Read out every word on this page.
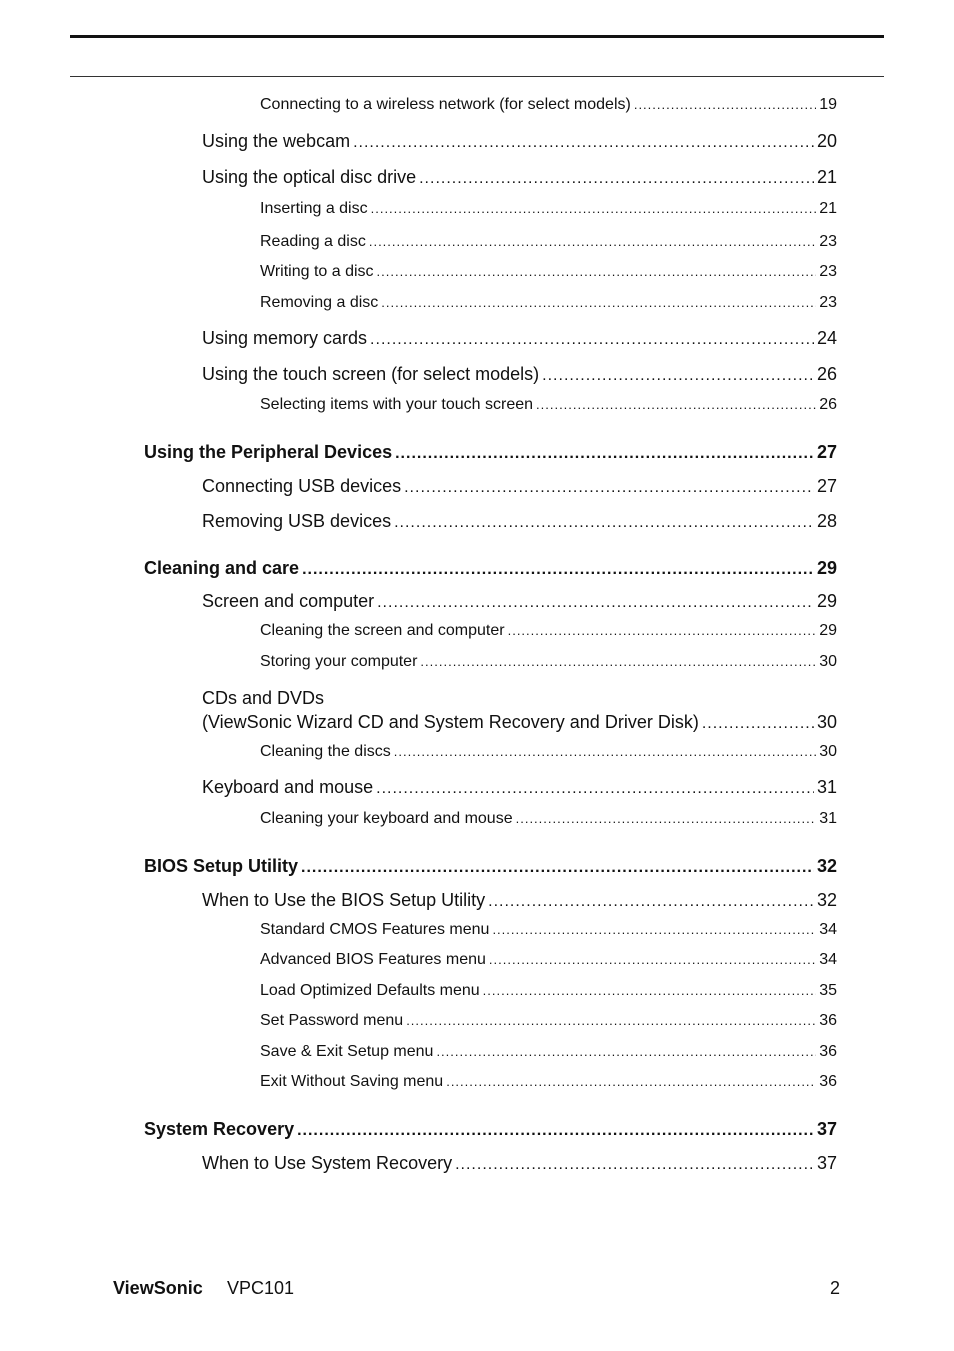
Connecting to a wireless network (for select models) .....	19
Using the webcam .....	20
Using the optical disc drive .....	21
Inserting a disc .....	21
Reading a disc .....	23
Writing to a disc .....	23
Removing a disc .....	23
Using memory cards .....	24
Using the touch screen (for select models) .....	26
Selecting items with your touch screen .....	26
Using the Peripheral Devices .....	27
Connecting USB devices .....	27
Removing USB devices .....	28
Cleaning and care .....	29
Screen and computer .....	29
Cleaning the screen and computer .....	29
Storing your computer .....	30
CDs and DVDs
(ViewSonic Wizard CD and System Recovery and Driver Disk) .....	30
Cleaning the discs .....	30
Keyboard and mouse .....	31
Cleaning your keyboard and mouse .....	31
BIOS Setup Utility .....	32
When to Use the BIOS Setup Utility .....	32
Standard CMOS Features menu .....	34
Advanced BIOS Features menu .....	34
Load Optimized Defaults menu .....	35
Set Password menu .....	36
Save & Exit Setup menu .....	36
Exit Without Saving menu .....	36
System Recovery .....	37
When to Use System Recovery .....	37
ViewSonic VPC101	2
